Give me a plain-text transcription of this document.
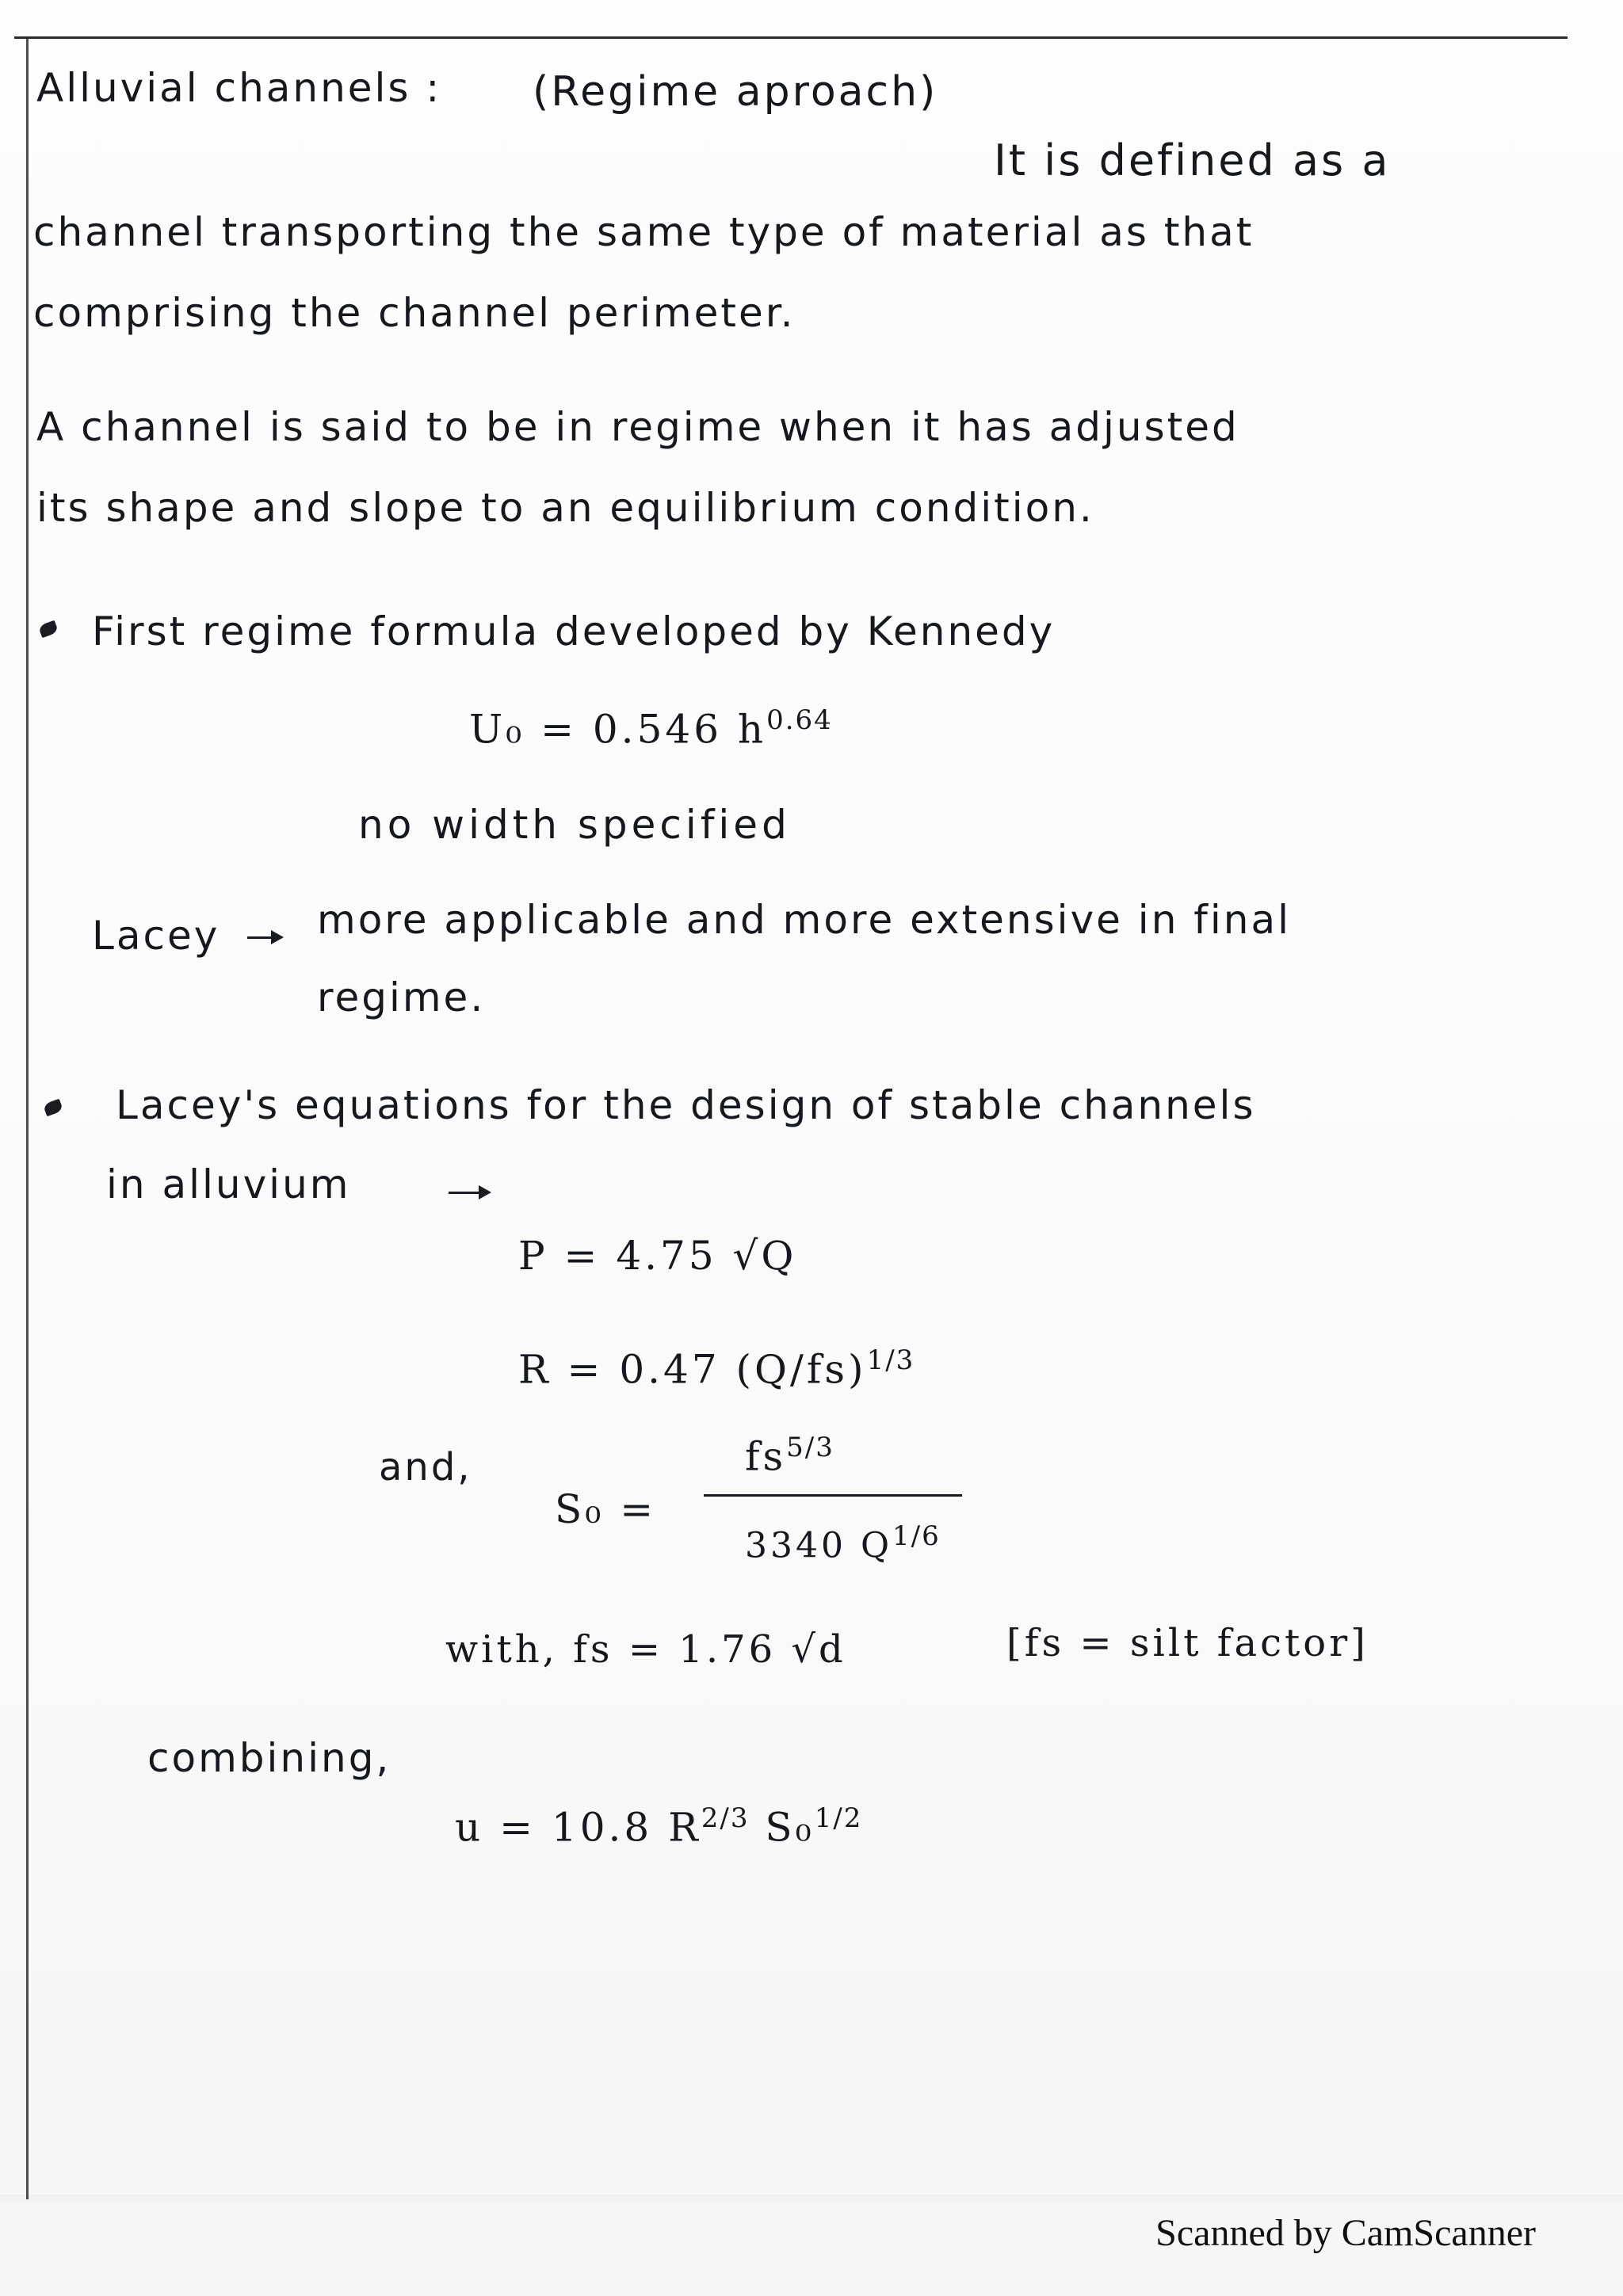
Alluvial channels : (Regime aproach)
It is defined as a
channel transporting the same type of material as that
comprising the channel perimeter.
A channel is said to be in regime when it has adjusted
its shape and slope to an equilibrium condition.
First regime formula developed by Kennedy
U₀ = 0.546 $h^{0.64}$
no width specified
Lacey more applicable and more extensive in final
regime.
Lacey's equations for the design of stable channels
in alluvium
P = 4.75 √Q
R = 0.47 $(Q/fs)^{1/3}$
and,
S₀ =
$fs^{5/3}$
3340 $Q^{1/6}$
with, fs = 1.76 √d	[fs = silt factor]
combining,
u = 10.8 $R^{2/3}$ S₀$^{1/2}$
Scanned by CamScanner
